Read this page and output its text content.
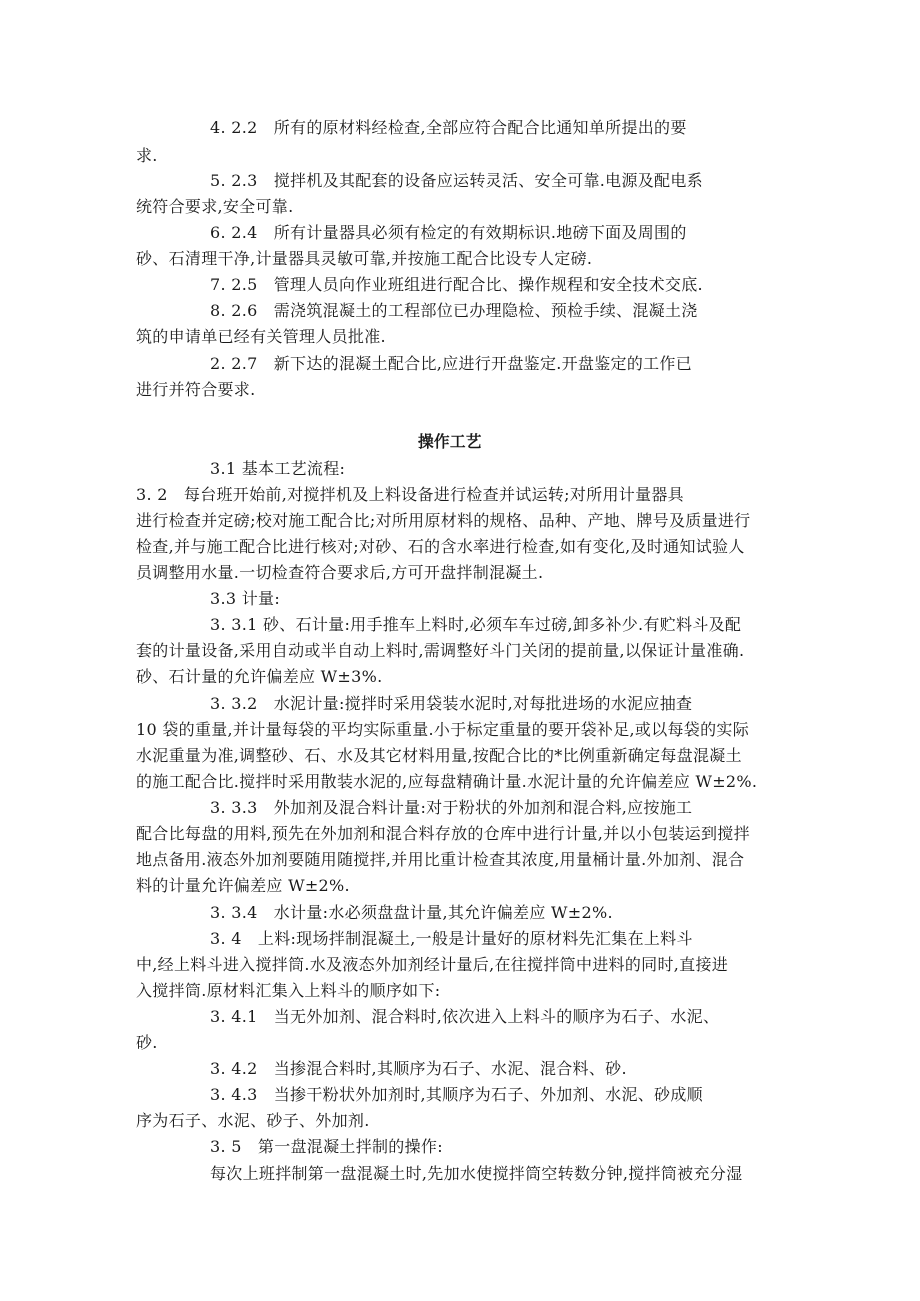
4. 2.2   所有的原材料经检查,全部应符合配合比通知单所提出的要
求.
5. 2.3   搅拌机及其配套的设备应运转灵活、安全可靠.电源及配电系
统符合要求,安全可靠.
6. 2.4   所有计量器具必须有检定的有效期标识.地磅下面及周围的
砂、石清理干净,计量器具灵敏可靠,并按施工配合比设专人定磅.
7. 2.5   管理人员向作业班组进行配合比、操作规程和安全技术交底.
8. 2.6   需浇筑混凝土的工程部位已办理隐检、预检手续、混凝土浇
筑的申请单已经有关管理人员批准.
2. 2.7   新下达的混凝土配合比,应进行开盘鉴定.开盘鉴定的工作已
进行并符合要求.
操作工艺
3.1 基本工艺流程:
3. 2   每台班开始前,对搅拌机及上料设备进行检查并试运转;对所用计量器具
进行检查并定磅;校对施工配合比;对所用原材料的规格、品种、产地、牌号及质量进行
检查,并与施工配合比进行核对;对砂、石的含水率进行检查,如有变化,及时通知试验人
员调整用水量.一切检查符合要求后,方可开盘拌制混凝土.
3.3 计量:
3. 3.1 砂、石计量:用手推车上料时,必须车车过磅,卸多补少.有贮料斗及配
套的计量设备,采用自动或半自动上料时,需调整好斗门关闭的提前量,以保证计量准确.
砂、石计量的允许偏差应 W±3%.
3. 3.2   水泥计量:搅拌时采用袋装水泥时,对每批进场的水泥应抽查
10 袋的重量,并计量每袋的平均实际重量.小于标定重量的要开袋补足,或以每袋的实际
水泥重量为准,调整砂、石、水及其它材料用量,按配合比的*比例重新确定每盘混凝土
的施工配合比.搅拌时采用散装水泥的,应每盘精确计量.水泥计量的允许偏差应 W±2%.
3. 3.3   外加剂及混合料计量:对于粉状的外加剂和混合料,应按施工
配合比每盘的用料,预先在外加剂和混合料存放的仓库中进行计量,并以小包装运到搅拌
地点备用.液态外加剂要随用随搅拌,并用比重计检查其浓度,用量桶计量.外加剂、混合
料的计量允许偏差应 W±2%.
3. 3.4   水计量:水必须盘盘计量,其允许偏差应 W±2%.
3. 4   上料:现场拌制混凝土,一般是计量好的原材料先汇集在上料斗
中,经上料斗进入搅拌筒.水及液态外加剂经计量后,在往搅拌筒中进料的同时,直接进
入搅拌筒.原材料汇集入上料斗的顺序如下:
3. 4.1   当无外加剂、混合料时,依次进入上料斗的顺序为石子、水泥、
砂.
3. 4.2   当掺混合料时,其顺序为石子、水泥、混合料、砂.
3. 4.3   当掺干粉状外加剂时,其顺序为石子、外加剂、水泥、砂成顺
序为石子、水泥、砂子、外加剂.
3. 5   第一盘混凝土拌制的操作:
每次上班拌制第一盘混凝土时,先加水使搅拌筒空转数分钟,搅拌筒被充分湿
